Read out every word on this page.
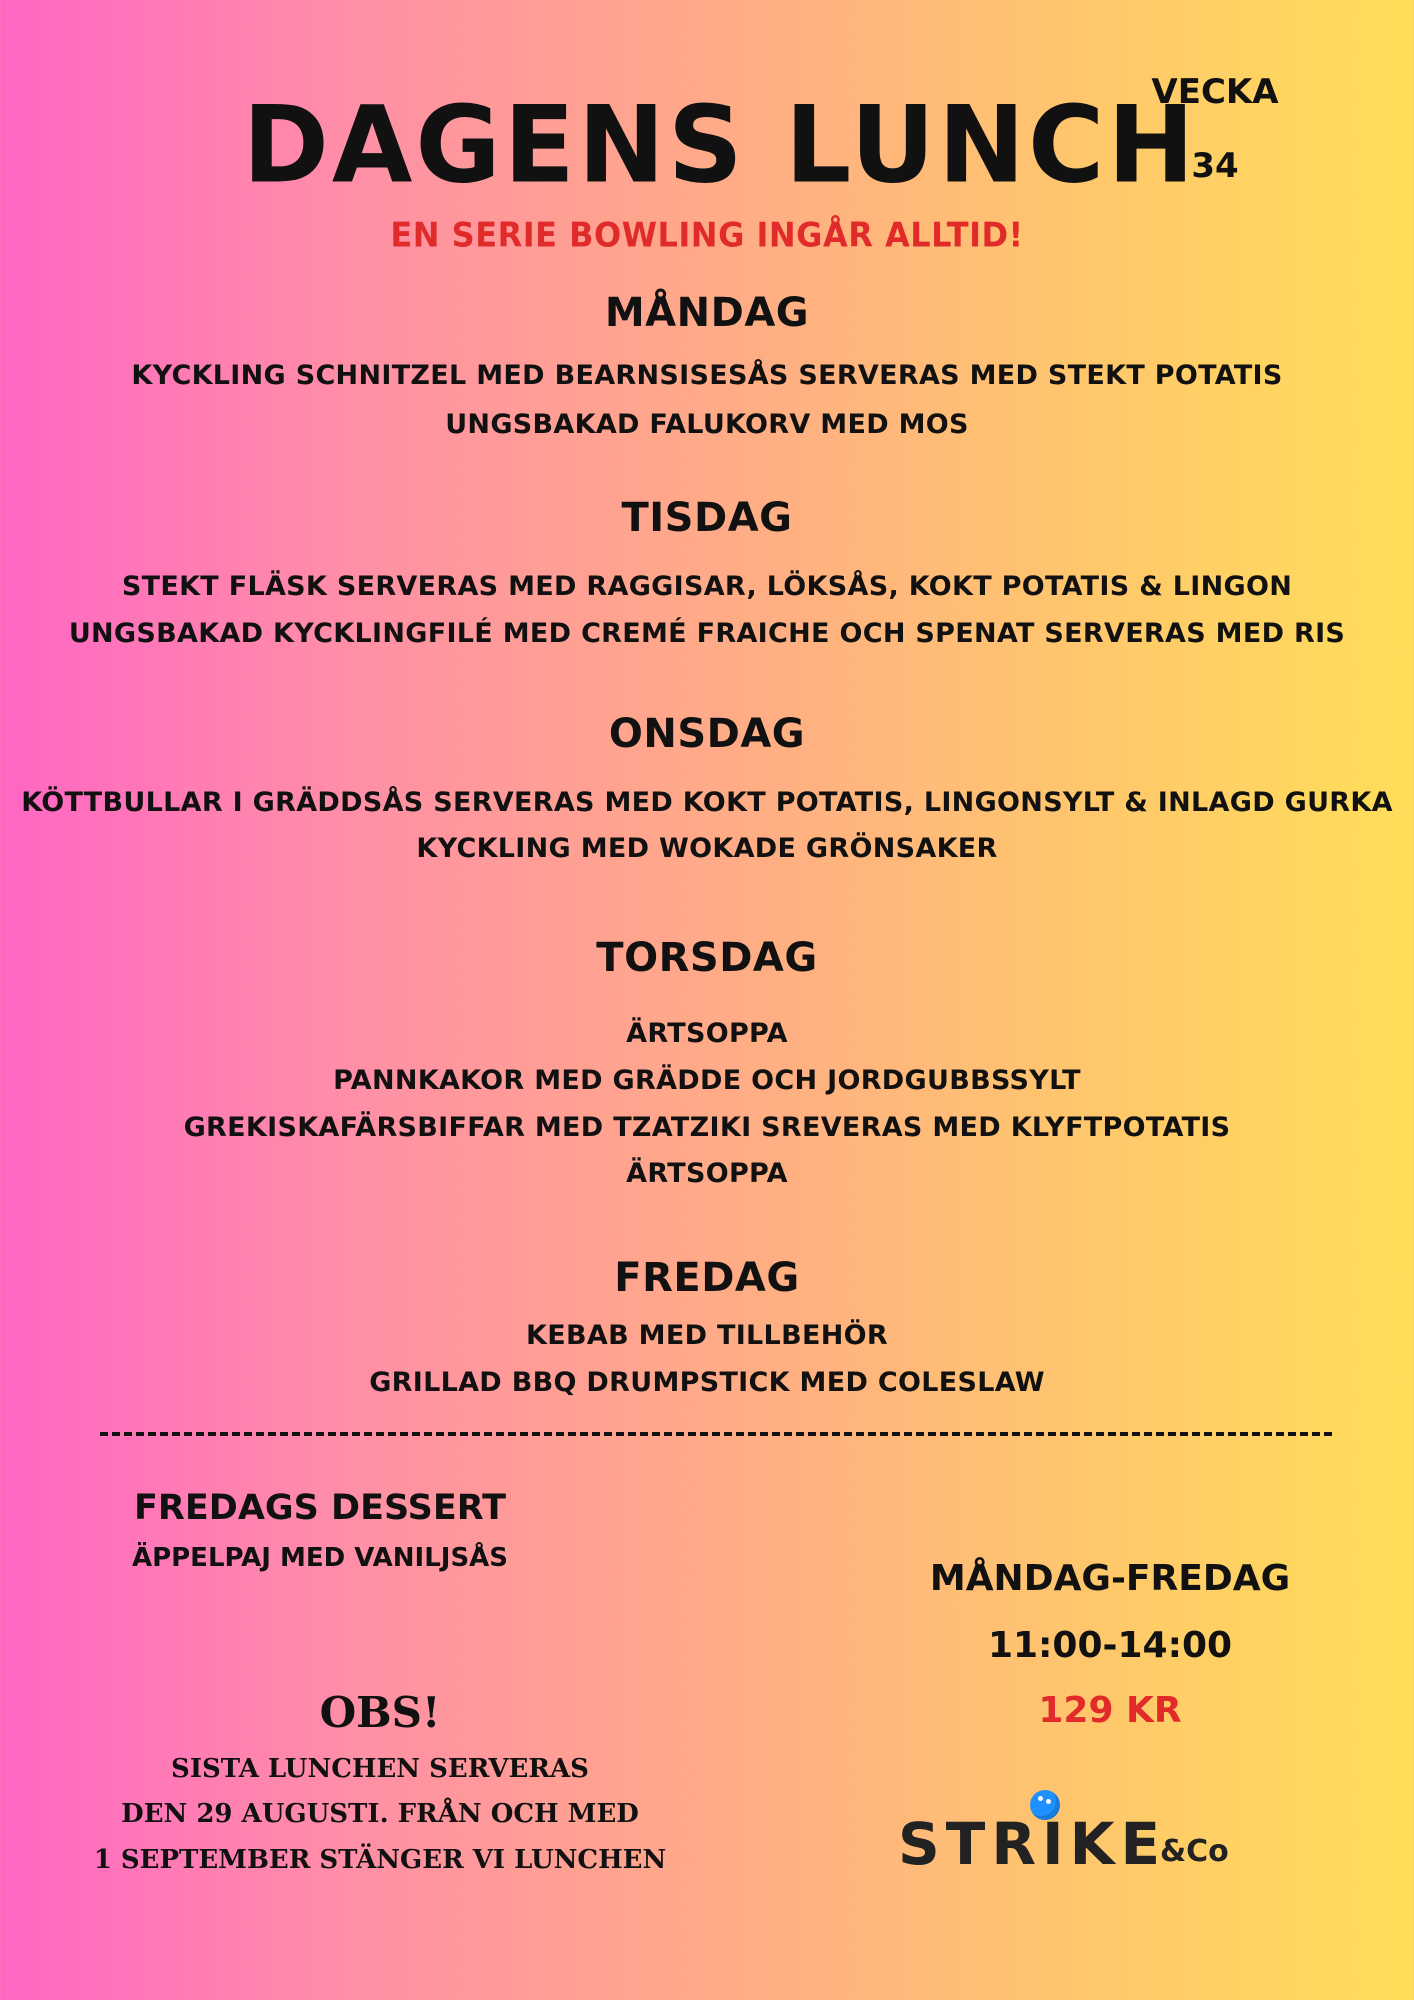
DAGENS LUNCH
VECKA
34
EN SERIE BOWLING INGÅR ALLTID!
MÅNDAG
KYCKLING SCHNITZEL MED BEARNSISESÅS SERVERAS MED STEKT POTATIS
UNGSBAKAD FALUKORV MED MOS
TISDAG
STEKT FLÄSK SERVERAS MED RAGGISAR, LÖKSÅS, KOKT POTATIS & LINGON
UNGSBAKAD KYCKLINGFILÉ MED CREMÉ FRAICHE OCH SPENAT SERVERAS MED RIS
ONSDAG
KÖTTBULLAR I GRÄDDSÅS SERVERAS MED KOKT POTATIS, LINGONSYLT & INLAGD GURKA
KYCKLING MED WOKADE GRÖNSAKER
TORSDAG
ÄRTSOPPA
PANNKAKOR MED GRÄDDE OCH JORDGUBBSSYLT
GREKISKAFÄRSBIFFAR MED TZATZIKI SREVERAS MED KLYFTPOTATIS
ÄRTSOPPA
FREDAG
KEBAB MED TILLBEHÖR
GRILLAD BBQ DRUMPSTICK MED COLESLAW
FREDAGS DESSERT
ÄPPELPAJ MED VANILJSÅS	MÅNDAG-FREDAG
11:00-14:00
129 KR
OBS!
SISTA LUNCHEN SERVERAS
DEN 29 AUGUSTI. FRÅN OCH MED
1 SEPTEMBER STÄNGER VI LUNCHEN	STRIKE
&Co
